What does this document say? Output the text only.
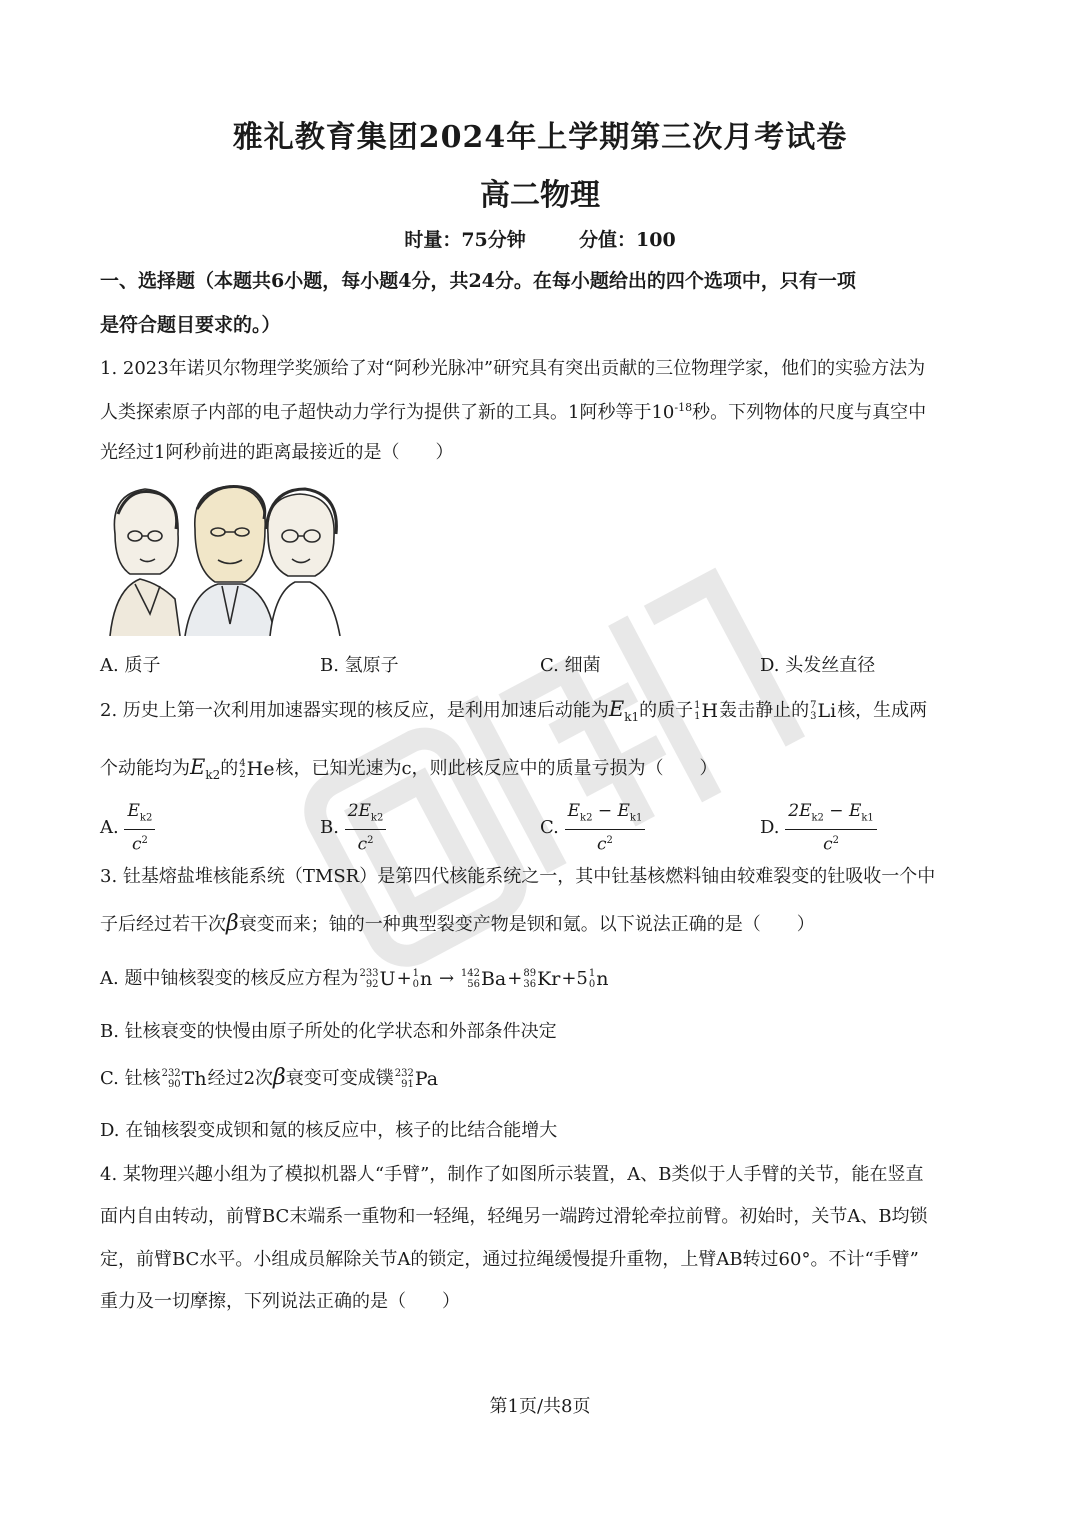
雅礼教育集团2024年上学期第三次月考试卷
高二物理
时量：75分钟	分值：100
一、选择题（本题共6小题，每小题4分，共24分。在每小题给出的四个选项中，只有一项
是符合题目要求的。）
1. 2023年诺贝尔物理学奖颁给了对“阿秒光脉冲”研究具有突出贡献的三位物理学家，他们的实验方法为
人类探索原子内部的电子超快动力学行为提供了新的工具。1阿秒等于$10^{-18}$秒。下列物体的尺度与真空中
光经过1阿秒前进的距离最接近的是（　　）
A. 质子	B. 氢原子	C. 细菌	D. 头发丝直径
2. 历史上第一次利用加速器实现的核反应，是利用加速后动能为$E_{k1}$的质子 1
1 H轰击静止的 7
3 Li核，生成两
个动能均为$E_{k2}$的 4
2 He核，已知光速为c，则此核反应中的质量亏损为（　　）
A. $\frac{E_{k2}}{c^2}$	B. $\frac{2E_{k2}}{c^2}$	C. $\frac{E_{k2} - E_{k1}}{c^2}$	D. $\frac{2E_{k2} - E_{k1}}{c^2}$
3. 钍基熔盐堆核能系统（TMSR）是第四代核能系统之一，其中钍基核燃料铀由较难裂变的钍吸收一个中
子后经过若干次β衰变而来；铀的一种典型裂变产物是钡和氪。以下说法正确的是（　　）
A. 题中铀核裂变的核反应方程为 233
92 U+ 1
0 n → 142
56 Ba+ 89
36 Kr+5 1
0 n
B. 钍核衰变的快慢由原子所处的化学状态和外部条件决定
C. 钍核 232
90 Th经过2次β衰变可变成镤 232
91 Pa
D. 在铀核裂变成钡和氪的核反应中，核子的比结合能增大
4. 某物理兴趣小组为了模拟机器人“手臂”，制作了如图所示装置，A、B类似于人手臂的关节，能在竖直
面内自由转动，前臂BC末端系一重物和一轻绳，轻绳另一端跨过滑轮牵拉前臂。初始时，关节A、B均锁
定，前臂BC水平。小组成员解除关节A的锁定，通过拉绳缓慢提升重物，上臂AB转过60°。不计“手臂”
重力及一切摩擦，下列说法正确的是（　　）
第1页/共8页
